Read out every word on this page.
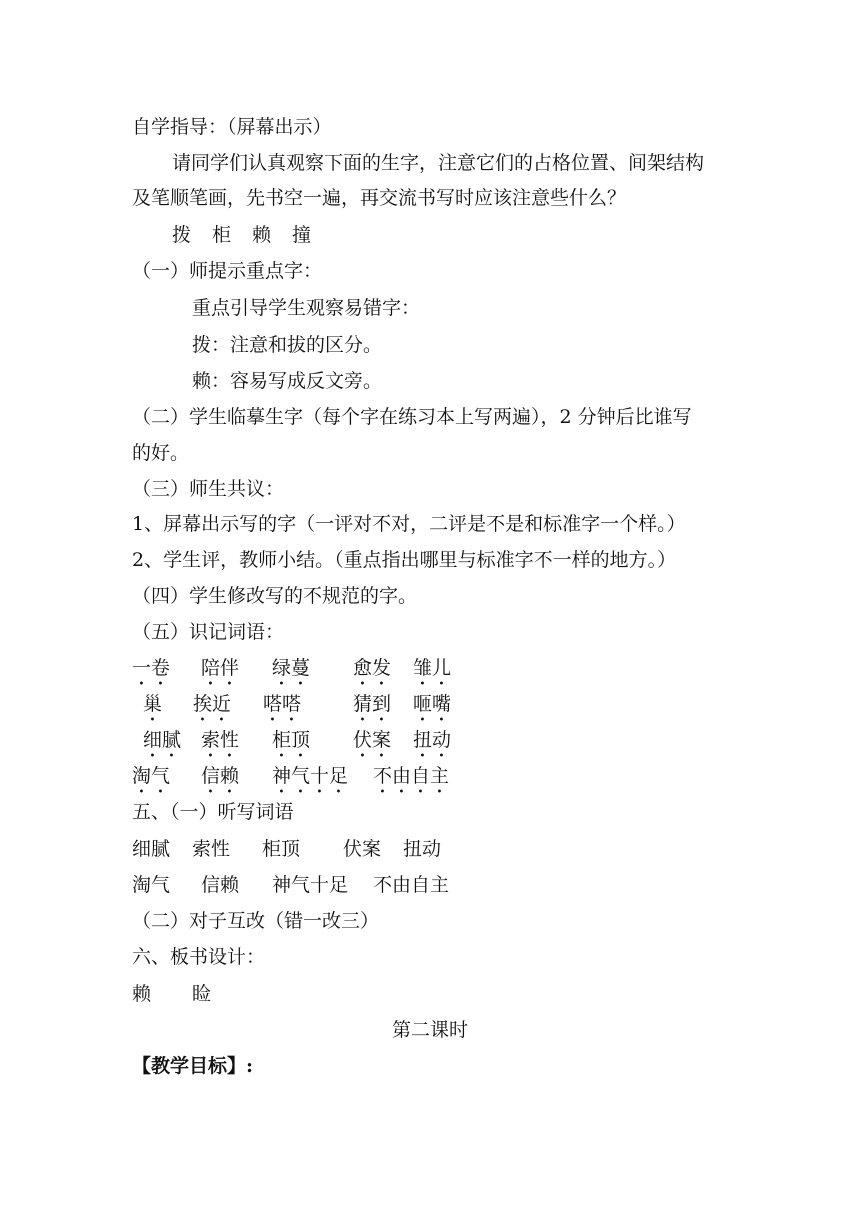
自学指导：（屏幕出示）
请同学们认真观察下面的生字，注意它们的占格位置、间架结构
及笔顺笔画，先书空一遍，再交流书写时应该注意些什么？
拨 柜 赖 撞
（一）师提示重点字：
重点引导学生观察易错字：
拨：注意和拔的区分。
赖：容易写成反文旁。
（二）学生临摹生字（每个字在练习本上写两遍），2 分钟后比谁写
的好。
（三）师生共议：
1、屏幕出示写的字（一评对不对，二评是不是和标准字一个样。）
2、学生评，教师小结。（重点指出哪里与标准字不一样的地方。）
（四）学生修改写的不规范的字。
（五）识记词语：
一卷 陪伴 绿蔓 愈发 雏儿
巢 挨近 嗒嗒	猜到 咂嘴
细腻 索性 柜顶 伏案 扭动
淘气 信赖 神气十足 不由自主
五、（一）听写词语
细腻 索性 柜顶 伏案 扭动
淘气 信赖 神气十足 不由自主
（二）对子互改（错一改三）
六、板书设计：
赖 睑
第二课时
【教学目标】:
